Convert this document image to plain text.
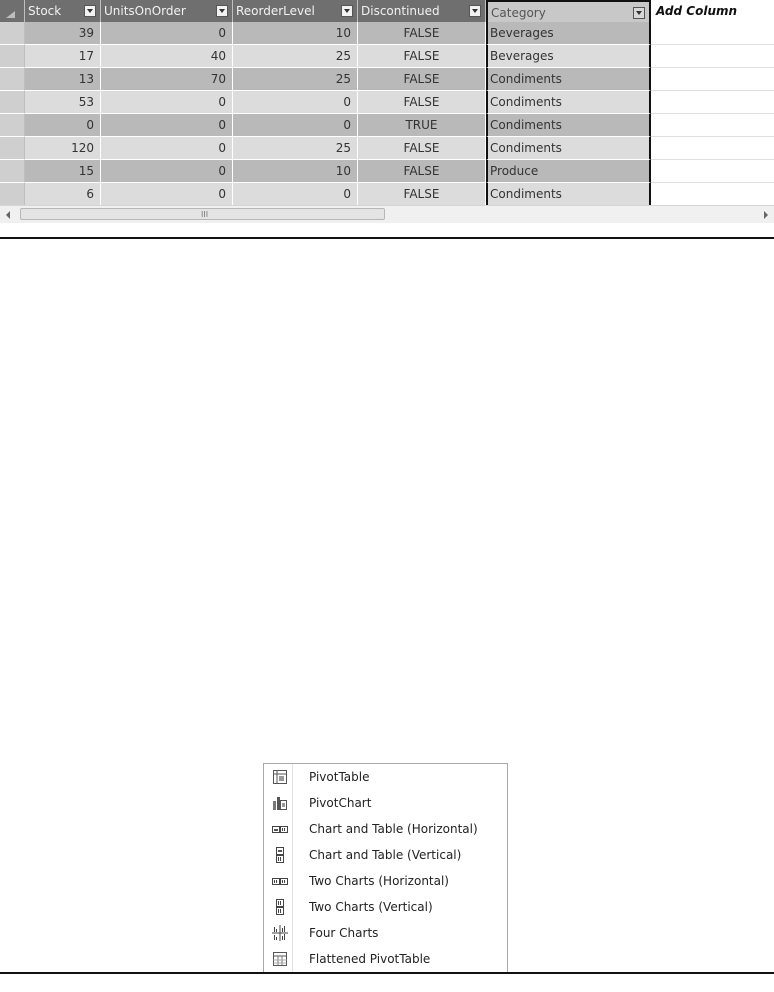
Stock	UnitsOnOrder	ReorderLevel	Discontinued	Category	Add Column
39	0	10	FALSE	Beverages
17	40	25	FALSE	Beverages
13	70	25	FALSE	Condiments
53	0	0	FALSE	Condiments
0	0	0	TRUE	Condiments
120	0	25	FALSE	Condiments
15	0	10	FALSE	Produce
6	0	0	FALSE	Condiments
III
PivotTable
PivotChart
Chart and Table (Horizontal)
Chart and Table (Vertical)
Two Charts (Horizontal)
Two Charts (Vertical)
Four Charts
Flattened PivotTable
